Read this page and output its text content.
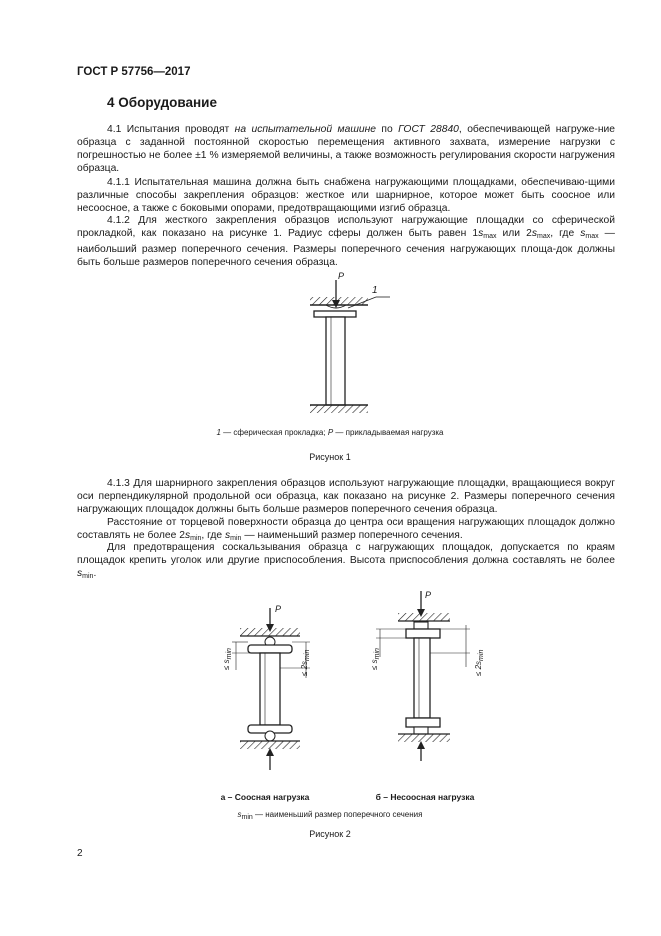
ГОСТ Р 57756—2017
4 Оборудование

4.1 Испытания проводят на испытательной машине по ГОСТ 28840, обеспечивающей нагруже-ние образца с заданной постоянной скоростью перемещения активного захвата, измерение нагрузки с погрешностью не более ±1 % измеряемой величины, а также возможность регулирования скорости нагружения образца.

4.1.1 Испытательная машина должна быть снабжена нагружающими площадками, обеспечиваю-щими различные способы закрепления образцов: жесткое или шарнирное, которое может быть соосное или несоосное, а также с боковыми опорами, предотвращающими изгиб образца.

4.1.2 Для жесткого закрепления образцов используют нагружающие площадки со сферической прокладкой, как показано на рисунке 1. Радиус сферы должен быть равен $1s_{max}$ или $2s_{max}$, где $s_{max}$ — наибольший размер поперечного сечения. Размеры поперечного сечения нагружающих площа-док должны быть больше размеров поперечного сечения образца.

P
1
1 — сферическая прокладка; P — прикладываемая нагрузка
Рисунок 1

4.1.3 Для шарнирного закрепления образцов используют нагружающие площадки, вращающиеся вокруг оси перпендикулярной продольной оси образца, как показано на рисунке 2. Размеры поперечного сечения нагружающих площадок должны быть больше размеров поперечного сечения образца.

Расстояние от торцевой поверхности образца до центра оси вращения нагружающих площадок должно составлять не более $2s_{min}$, где $s_{min}$ — наименьший размер поперечного сечения.

Для предотвращения соскальзывания образца с нагружающих площадок, допускается по краям площадок крепить уголок или другие приспособления. Высота приспособления должна составлять не более $s_{min}$.

P
≤ $s_{min}$
≤ $2s_{min}$
P
≤ $s_{min}$
≤ $2s_{min}$
а – Соосная нагрузка	б – Несоосная нагрузка
$s_{min}$ — наименьший размер поперечного сечения
Рисунок 2
2
